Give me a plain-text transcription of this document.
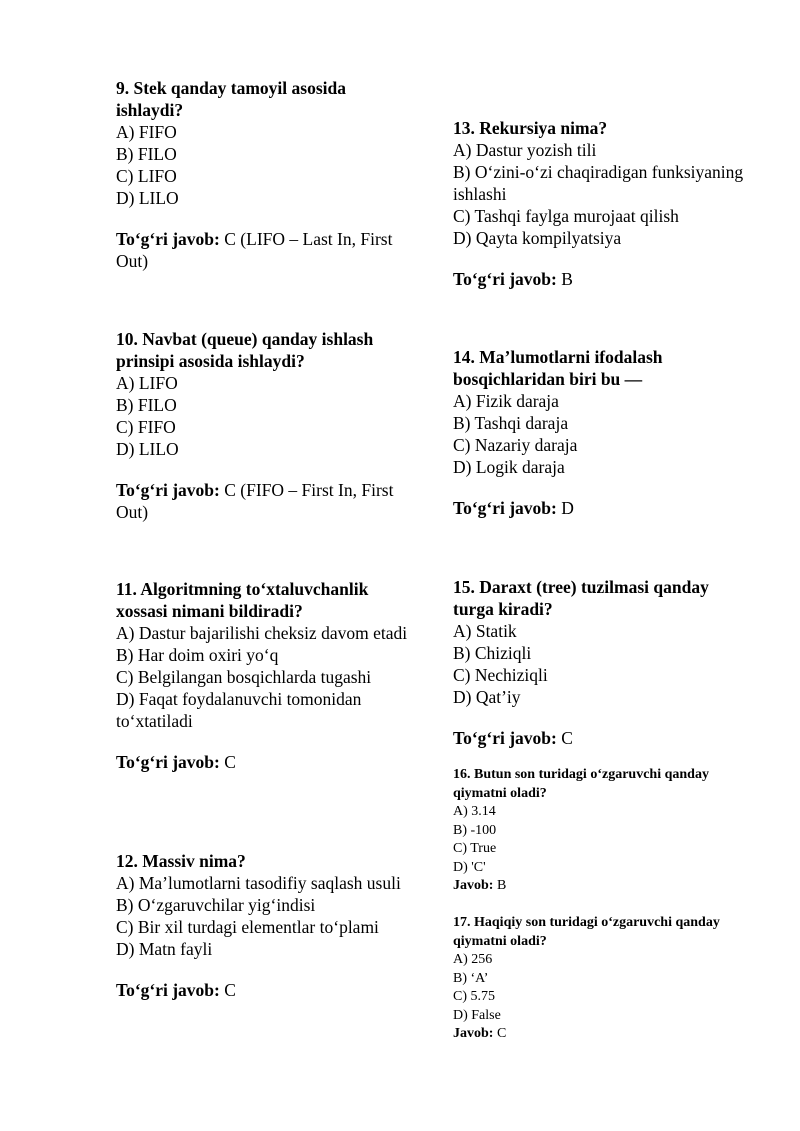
9. Stek qanday tamoyil asosida ishlaydi?

A) FIFO

B) FILO

C) LIFO

D) LILO

To‘g‘ri javob: C (LIFO – Last In, First Out)

10. Navbat (queue) qanday ishlash prinsipi asosida ishlaydi?

A) LIFO

B) FILO

C) FIFO

D) LILO

To‘g‘ri javob: C (FIFO – First In, First Out)

11. Algoritmning to‘xtaluvchanlik xossasi nimani bildiradi?

A) Dastur bajarilishi cheksiz davom etadi

B) Har doim oxiri yo‘q

C) Belgilangan bosqichlarda tugashi

D) Faqat foydalanuvchi tomonidan to‘xtatiladi

To‘g‘ri javob: C

12. Massiv nima?

A) Ma’lumotlarni tasodifiy saqlash usuli

B) O‘zgaruvchilar yig‘indisi

C) Bir xil turdagi elementlar to‘plami

D) Matn fayli

To‘g‘ri javob: C

13. Rekursiya nima?

A) Dastur yozish tili

B) O‘zini-o‘zi chaqiradigan funksiyaning ishlashi

C) Tashqi faylga murojaat qilish

D) Qayta kompilyatsiya

To‘g‘ri javob: B

14. Ma’lumotlarni ifodalash bosqichlaridan biri bu —

A) Fizik daraja

B) Tashqi daraja

C) Nazariy daraja

D) Logik daraja

To‘g‘ri javob: D

15. Daraxt (tree) tuzilmasi qanday turga kiradi?

A) Statik

B) Chiziqli

C) Nechiziqli

D) Qat’iy

To‘g‘ri javob: C

16. Butun son turidagi o‘zgaruvchi qanday qiymatni oladi?

A) 3.14

B) -100

C) True

D) 'C'

Javob: B

17. Haqiqiy son turidagi o‘zgaruvchi qanday qiymatni oladi?

A) 256

B) ‘A’

C) 5.75

D) False

Javob: C
